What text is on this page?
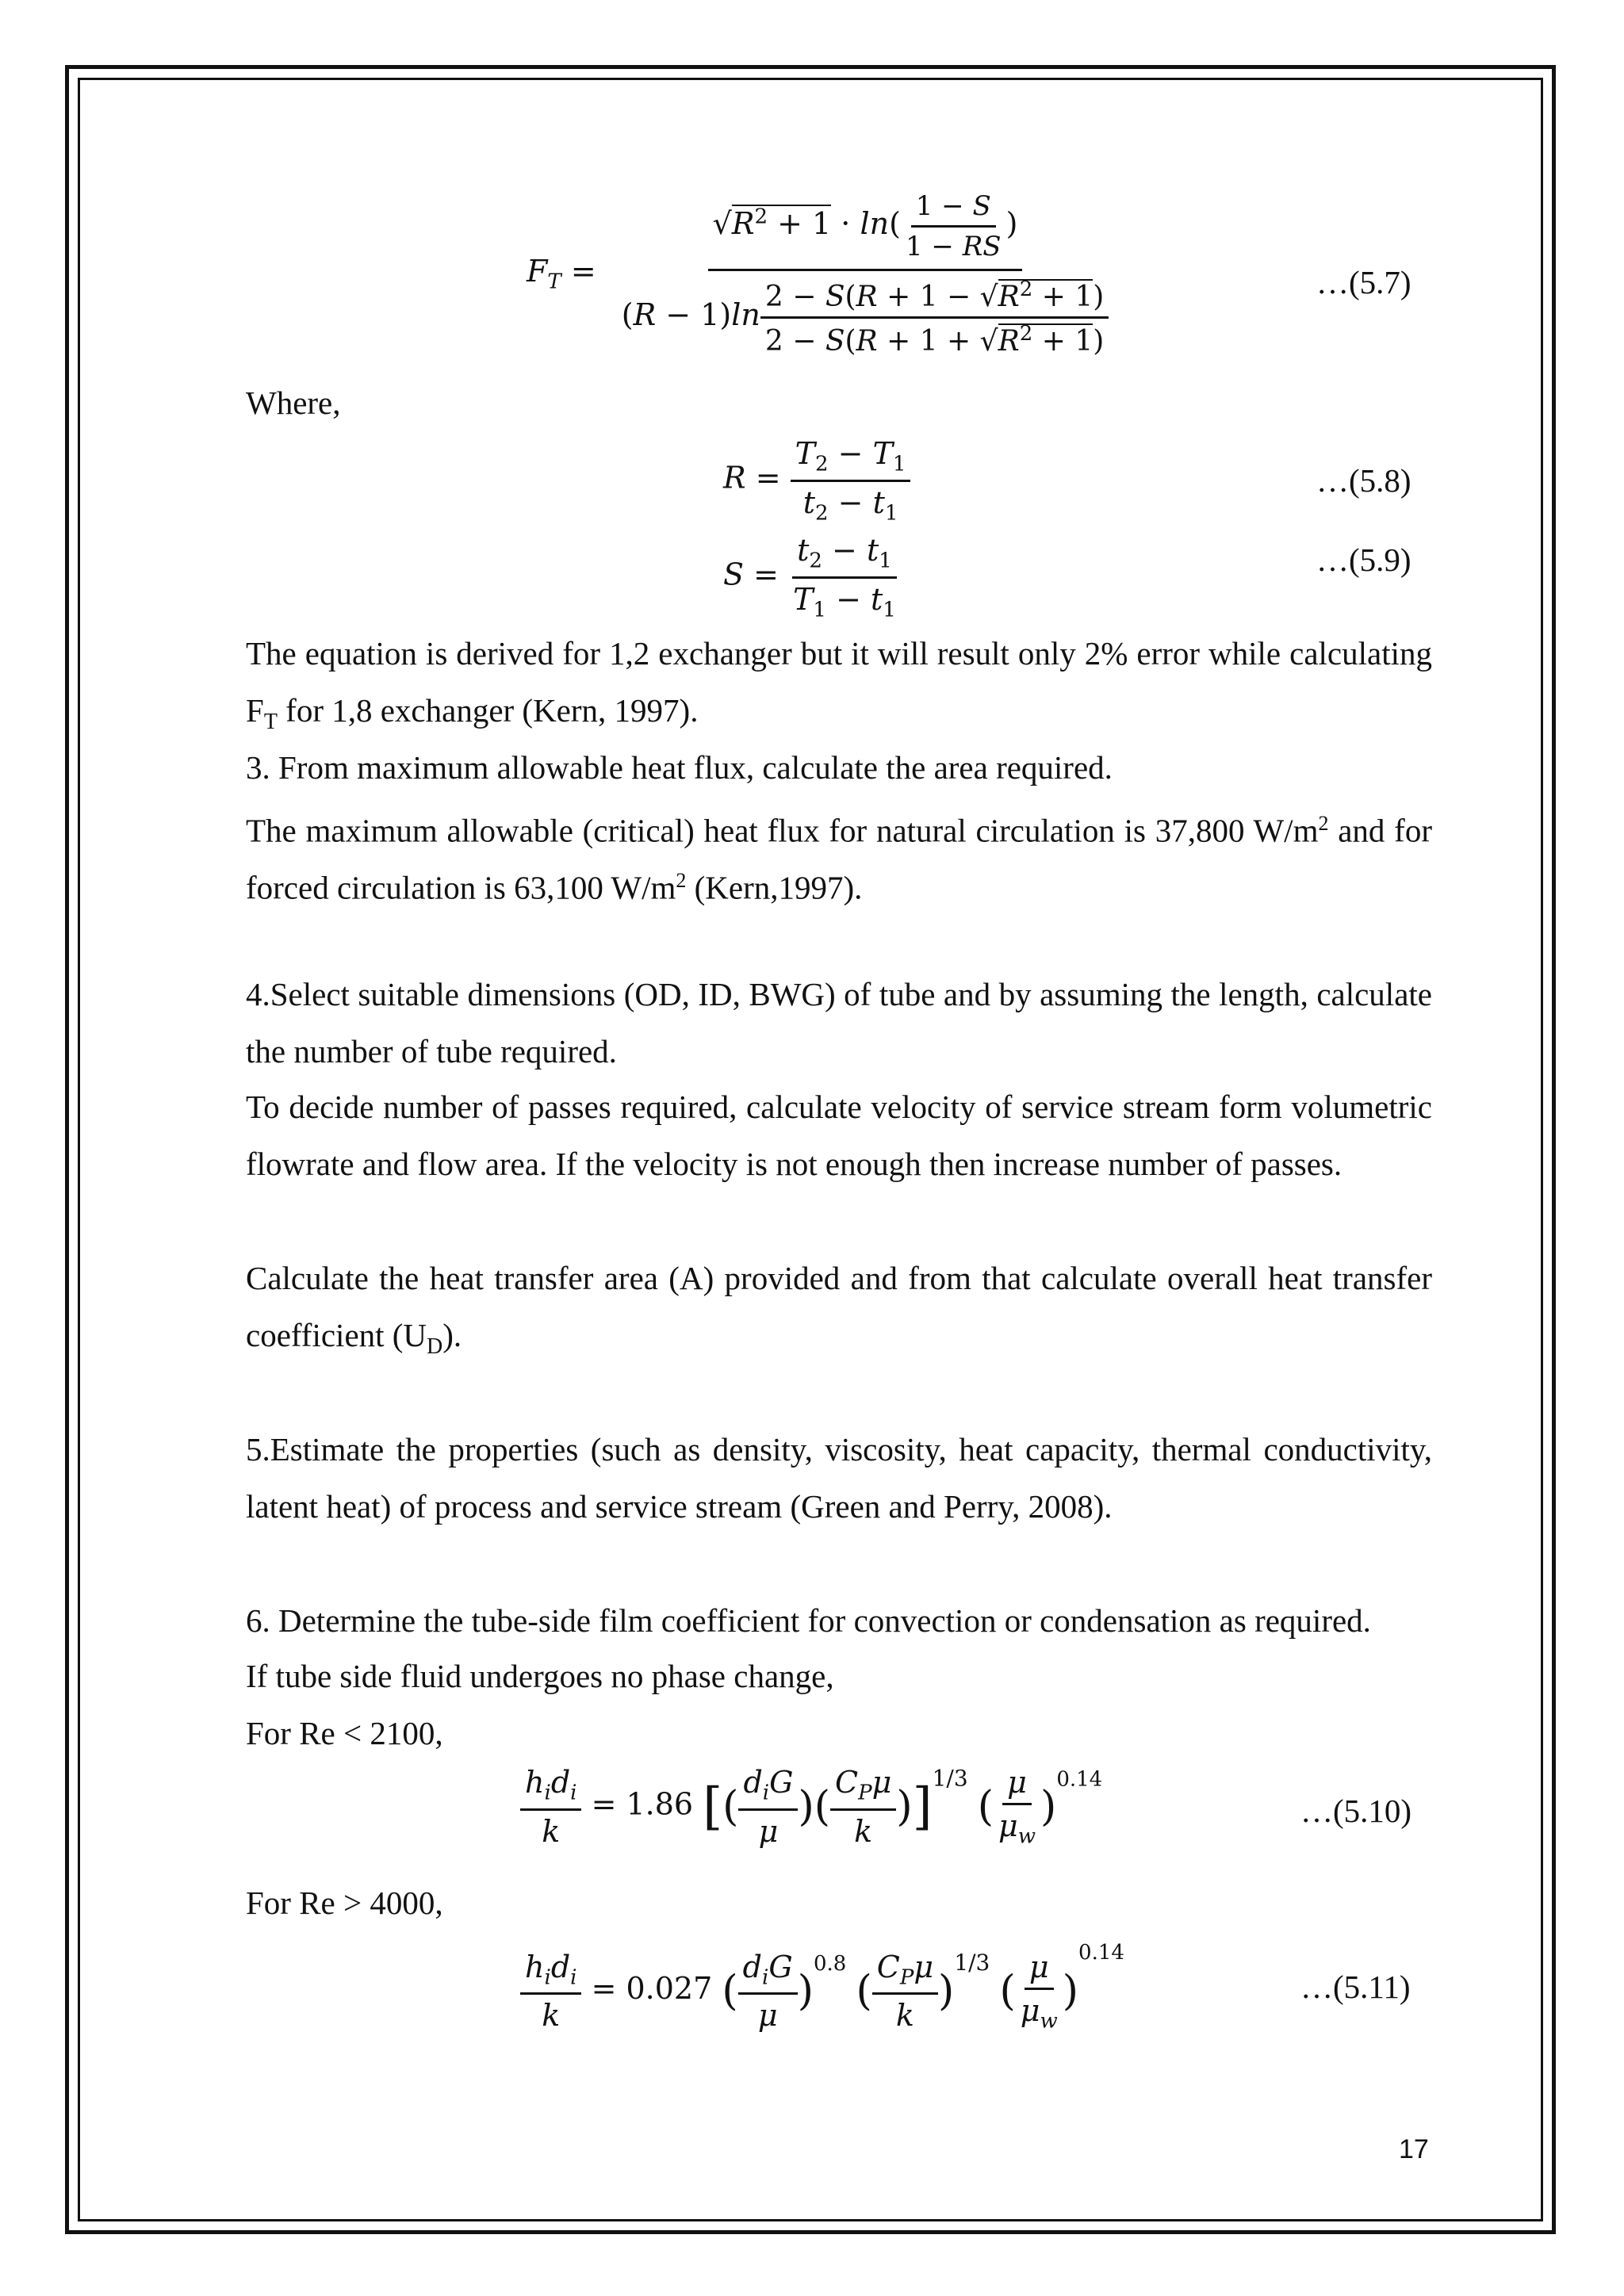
$F_T = \frac{√R^2 + 1 \cdot \ln( \frac{1 - S}{1 - RS} )}{(R - 1)\ln \frac{2 - S(R + 1 - √R^2 + 1)}{2 - S(R + 1 + √R^2 + 1)}}$	…(5.7)
Where,
$R = \frac{T_2 - T_1}{t_2 - t_1}$	…(5.8)
$S = \frac{t_2 - t_1}{T_1 - t_1}$	…(5.9)
The equation is derived for 1,2 exchanger but it will result only 2% error while calculating
$F_T$ for 1,8 exchanger (Kern, 1997).
3. From maximum allowable heat flux, calculate the area required.
The maximum allowable (critical) heat flux for natural circulation is 37,800 $W/m^2$ and for
forced circulation is 63,100 $W/m^2$ (Kern,1997).
4.Select suitable dimensions (OD, ID, BWG) of tube and by assuming the length, calculate
the number of tube required.
To decide number of passes required, calculate velocity of service stream form volumetric
flowrate and flow area. If the velocity is not enough then increase number of passes.
Calculate the heat transfer area (A) provided and from that calculate overall heat transfer
coefficient $(U_D)$.
5.Estimate the properties (such as density, viscosity, heat capacity, thermal conductivity,
latent heat) of process and service stream (Green and Perry, 2008).
6. Determine the tube-side film coefficient for convection or condensation as required.
If tube side fluid undergoes no phase change,
For Re < 2100,
$\frac{h_id_i}{k} = 1.86$ [( $\frac{d_iG}{\mu}$ )( $\frac{C_P\mu}{k} )]^{1/3}$ ( $\frac{\mu}{\mu_w} )^{0.14}$
…(5.10)
For Re > 4000,
$\frac{h_id_i}{k} = 0.027$ ( $\frac{d_iG}{\mu} )^{0.8}$ ( $\frac{C_P\mu}{k} )^{1/3}$ ( $\frac{\mu}{\mu_w} )^{0.14}$
…(5.11)
17
